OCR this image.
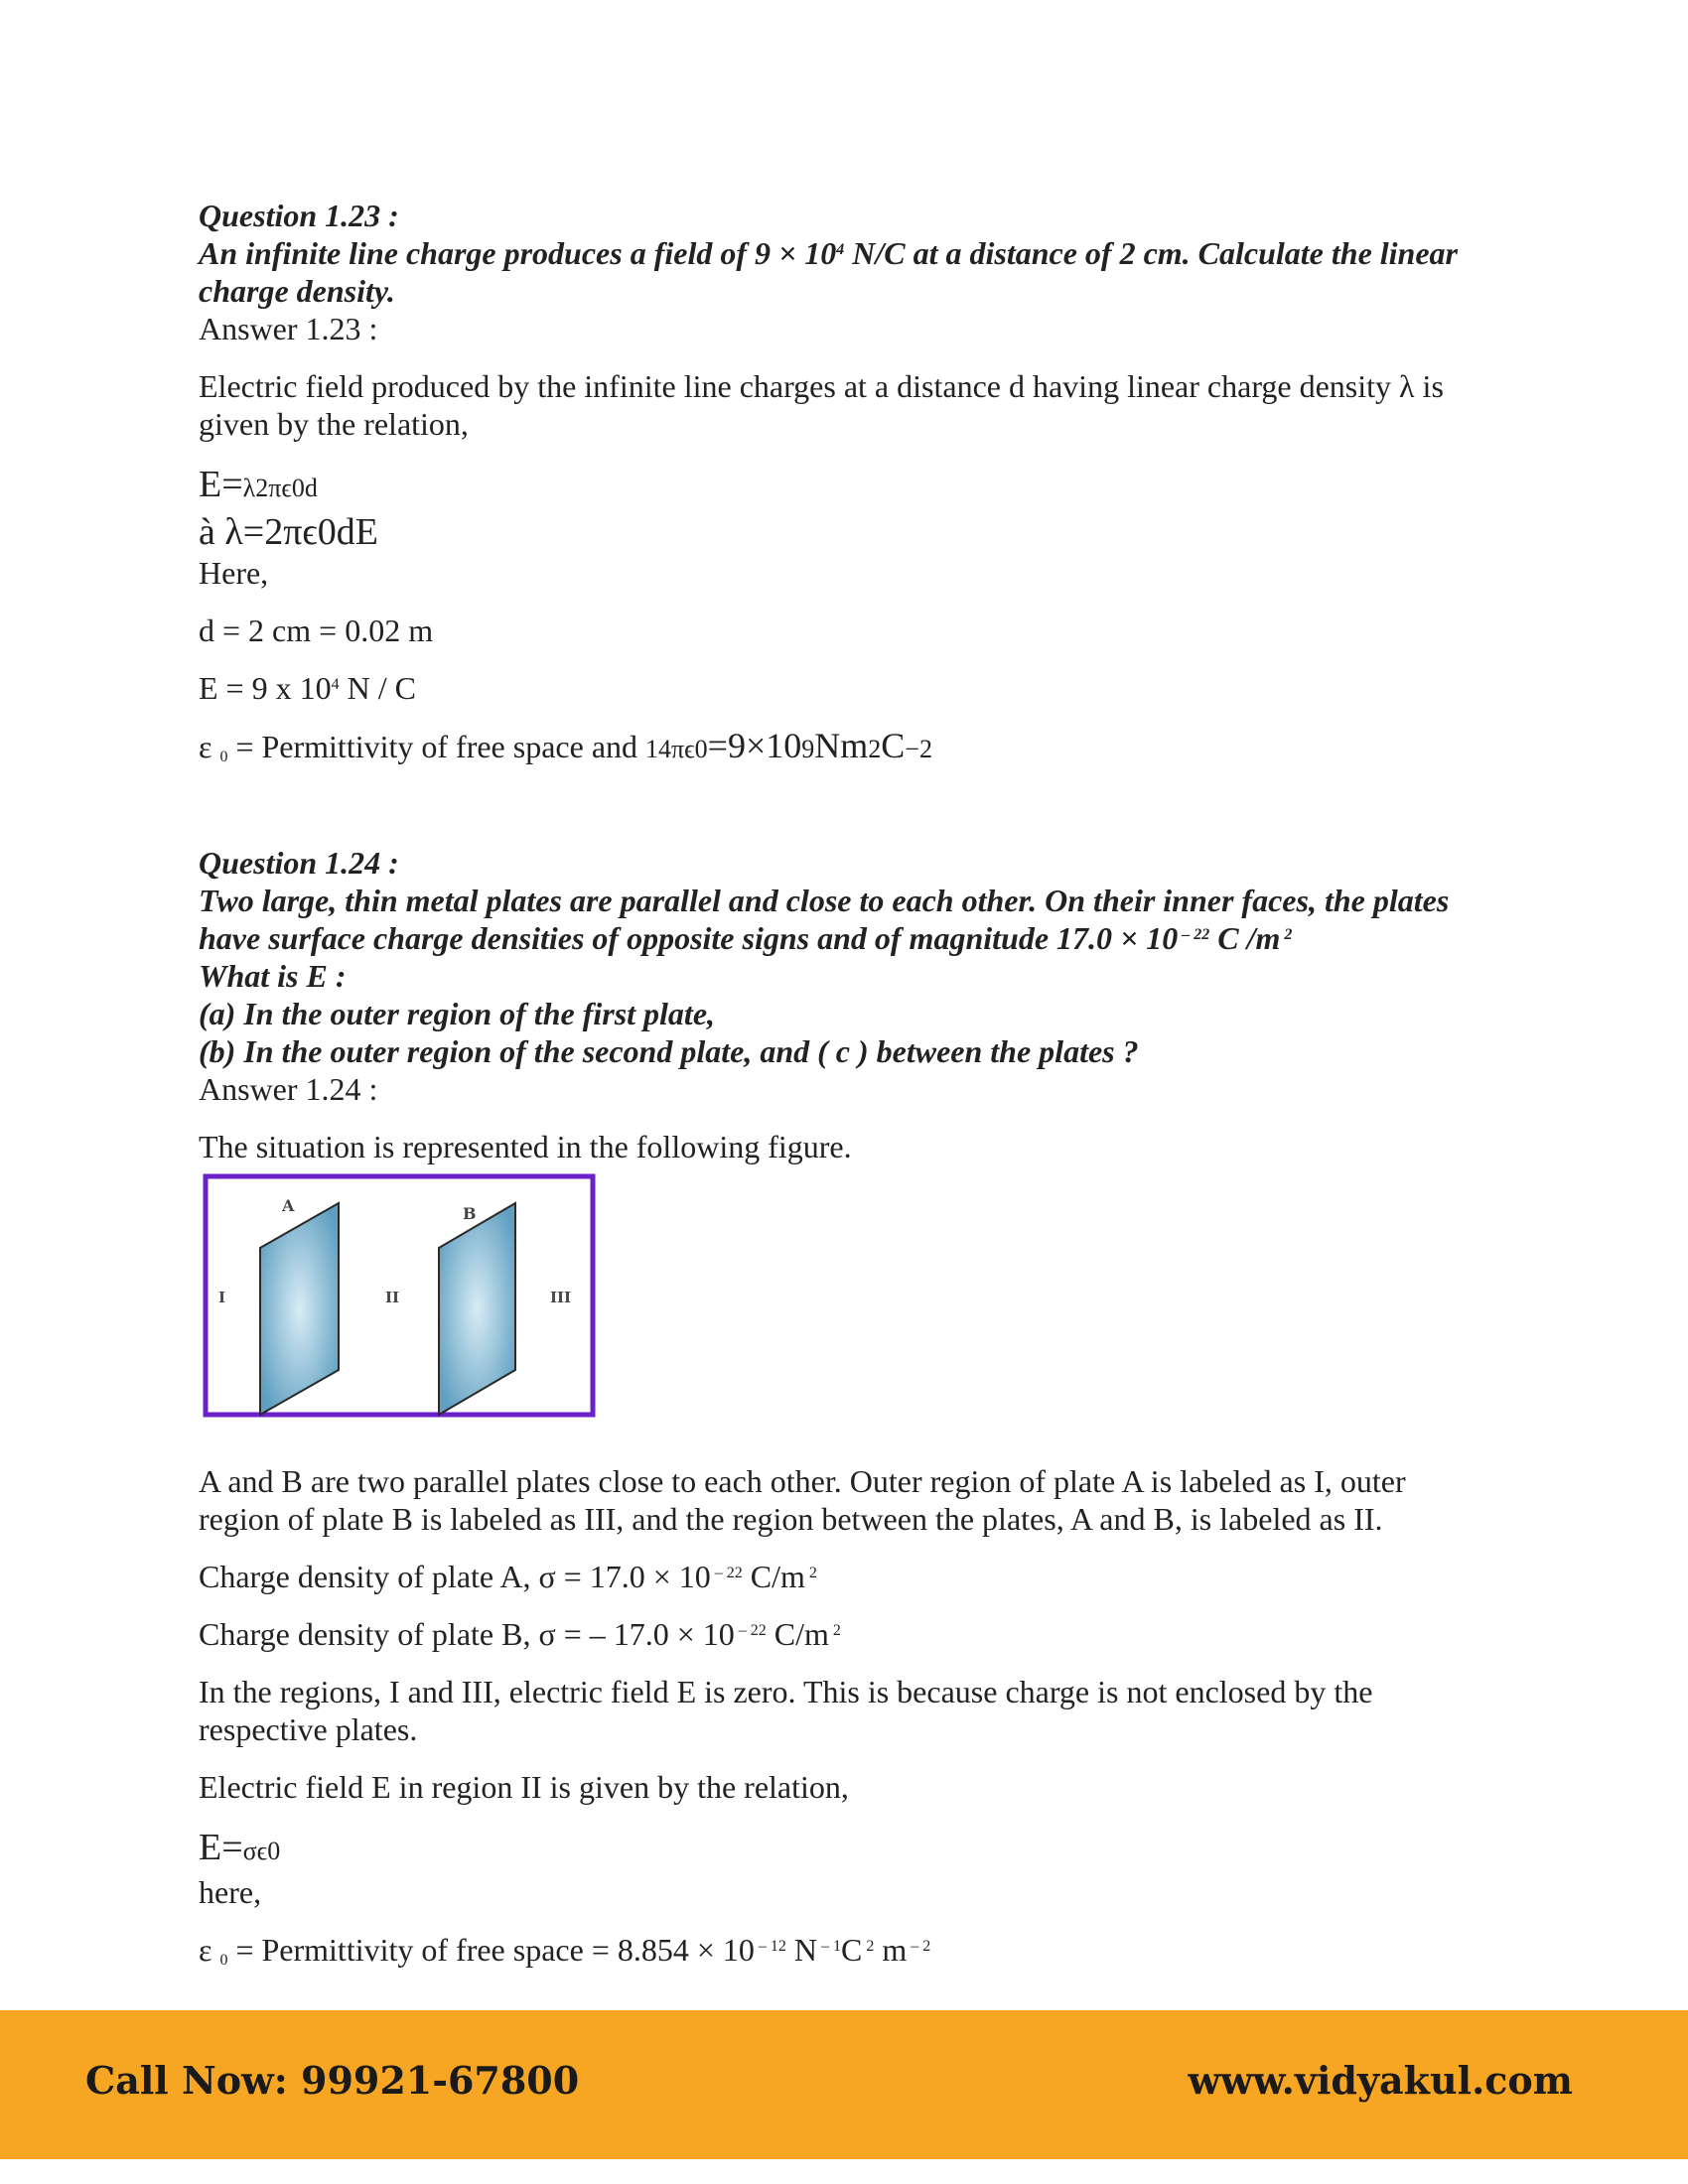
Question 1.23 :

An infinite line charge produces a field of $9 \times 10^4$ N/C at a distance of 2 cm. Calculate the linear charge density.

Answer 1.23 :

Electric field produced by the infinite line charges at a distance d having linear charge density λ is given by the relation,

E=λ2πϵ0d

à λ=2πϵ0dE

Here,

d = 2 cm = 0.02 m

E = 9 x $10^4$ N / C

ε $_0$ = Permittivity of free space and 14πϵ0=9×109Nm2C−2

Question 1.24 :

Two large, thin metal plates are parallel and close to each other. On their inner faces, the plates have surface charge densities of opposite signs and of magnitude 17.0 × 10 $^{- 22}$ C /m $^2$

What is E :

(a) In the outer region of the first plate,

(b) In the outer region of the second plate, and ( c ) between the plates ?

Answer 1.24 :

The situation is represented in the following figure.

A	B
I	II	III

A and B are two parallel plates close to each other. Outer region of plate A is labeled as I, outer region of plate B is labeled as III, and the region between the plates, A and B, is labeled as II.

Charge density of plate A, σ = 17.0 × 10 $^{- 22}$ C/m $^2$

Charge density of plate B, σ = – 17.0 × 10 $^{- 22}$ C/m $^2$

In the regions, I and III, electric field E is zero. This is because charge is not enclosed by the respective plates.

Electric field E in region II is given by the relation,

E=σϵ0

here,

ε $_0$ = Permittivity of free space = 8.854 × 10 $^{- 12}$ N $^{- 1}$C $^2$ m $^{- 2}$

Call Now: 99921-67800	www.vidyakul.com
